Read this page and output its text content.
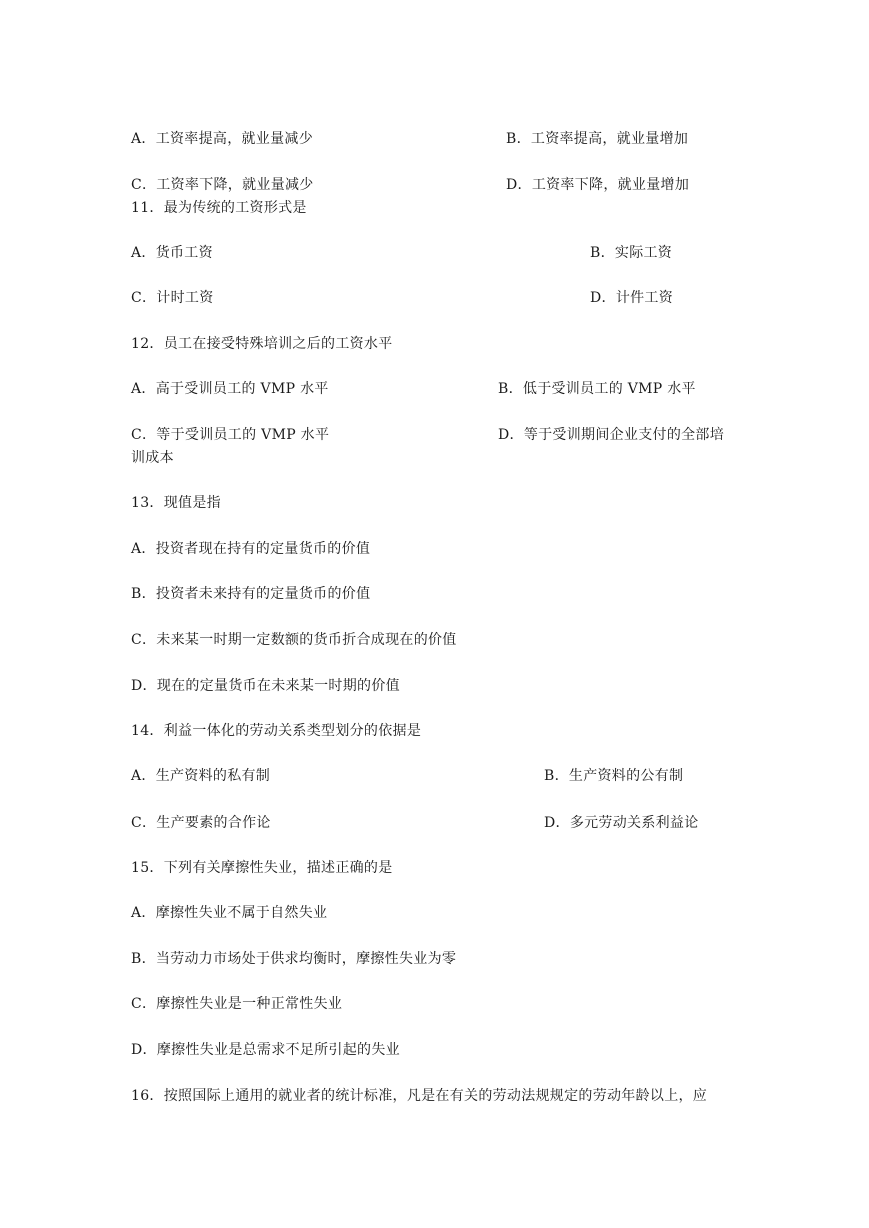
A．工资率提高，就业量减少	B．工资率提高，就业量增加
C．工资率下降，就业量减少	D．工资率下降，就业量增加
11．最为传统的工资形式是
A．货币工资	B．实际工资
C．计时工资	D．计件工资
12．员工在接受特殊培训之后的工资水平
A．高于受训员工的 VMP 水平	B．低于受训员工的 VMP 水平
C．等于受训员工的 VMP 水平	D．等于受训期间企业支付的全部培
训成本
13．现值是指
A．投资者现在持有的定量货币的价值
B．投资者未来持有的定量货币的价值
C．未来某一时期一定数额的货币折合成现在的价值
D．现在的定量货币在未来某一时期的价值
14．利益一体化的劳动关系类型划分的依据是
A．生产资料的私有制	B．生产资料的公有制
C．生产要素的合作论	D．多元劳动关系利益论
15．下列有关摩擦性失业，描述正确的是
A．摩擦性失业不属于自然失业
B．当劳动力市场处于供求均衡时，摩擦性失业为零
C．摩擦性失业是一种正常性失业
D．摩擦性失业是总需求不足所引起的失业
16．按照国际上通用的就业者的统计标准，凡是在有关的劳动法规规定的劳动年龄以上，应
